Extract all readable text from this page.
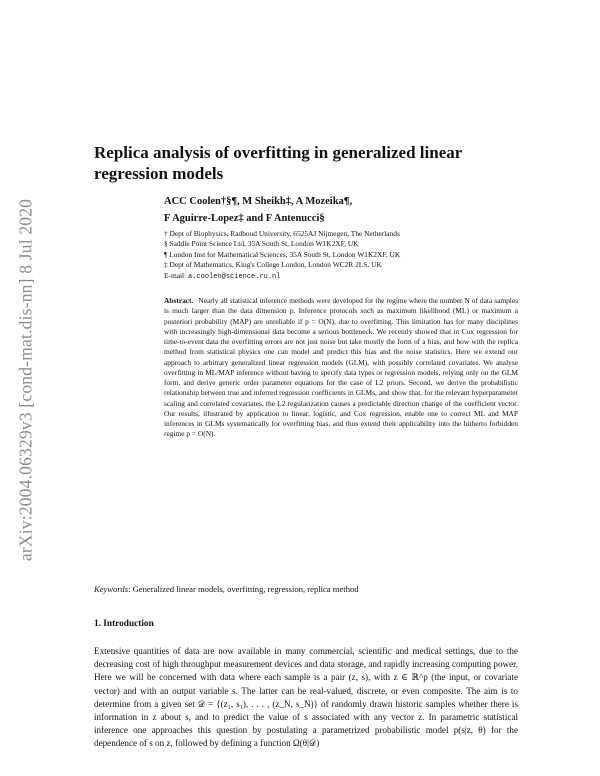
arXiv:2004.06329v3 [cond-mat.dis-nn] 8 Jul 2020
Replica analysis of overfitting in generalized linear regression models
ACC Coolen†§¶, M Sheikh‡, A Mozeika¶,
F Aguirre-Lopez‡ and F Antenucci§
† Dept of Biophysics, Radboud University, 6525AJ Nijmegen, The Netherlands
§ Saddle Point Science Ltd, 35A South St, London W1K2XF, UK
¶ London Inst for Mathematical Sciences, 35A South St, London W1K2XF, UK
‡ Dept of Mathematics, King's College London, London WC2R 2LS, UK
E-mail: a.coolen@science.ru.nl

Abstract. Nearly all statistical inference methods were developed for the regime where the number N of data samples is much larger than the data dimension p. Inference protocols such as maximum likelihood (ML) or maximum a posteriori probability (MAP) are unreliable if p = O(N), due to overfitting. This limitation has for many disciplines with increasingly high-dimensional data become a serious bottleneck. We recently showed that in Cox regression for time-to-event data the overfitting errors are not just noise but take mostly the form of a bias, and how with the replica method from statistical physics one can model and predict this bias and the noise statistics. Here we extend our approach to arbitrary generalized linear regression models (GLM), with possibly correlated covariates. We analyse overfitting in ML/MAP inference without having to specify data types or regression models, relying only on the GLM form, and derive generic order parameter equations for the case of L2 priors. Second, we derive the probabilistic relationship between true and inferred regression coefficients in GLMs, and show that, for the relevant hyperparameter scaling and correlated covariates, the L2 regularization causes a predictable direction change of the coefficient vector. Our results, illustrated by application to linear, logistic, and Cox regression, enable one to correct ML and MAP inferences in GLMs systematically for overfitting bias, and thus extend their applicability into the hitherto forbidden regime p = O(N).

Keywords: Generalized linear models, overfitting, regression, replica method
1. Introduction

Extensive quantities of data are now available in many commercial, scientific and medical settings, due to the decreasing cost of high throughput measurement devices and data storage, and rapidly increasing computing power. Here we will be concerned with data where each sample is a pair (z, s), with z ∈ ℝ^p (the input, or covariate vector) and with an output variable s. The latter can be real-valued, discrete, or even composite. The aim is to determine from a given set 𝒟 = {(z₁, s₁), . . . , (z_N, s_N)} of randomly drawn historic samples whether there is information in z about s, and to predict the value of s associated with any vector z. In parametric statistical inference one approaches this question by postulating a parametrized probabilistic model p(s|z, θ) for the dependence of s on z, followed by defining a function Ω(θ|𝒟)
